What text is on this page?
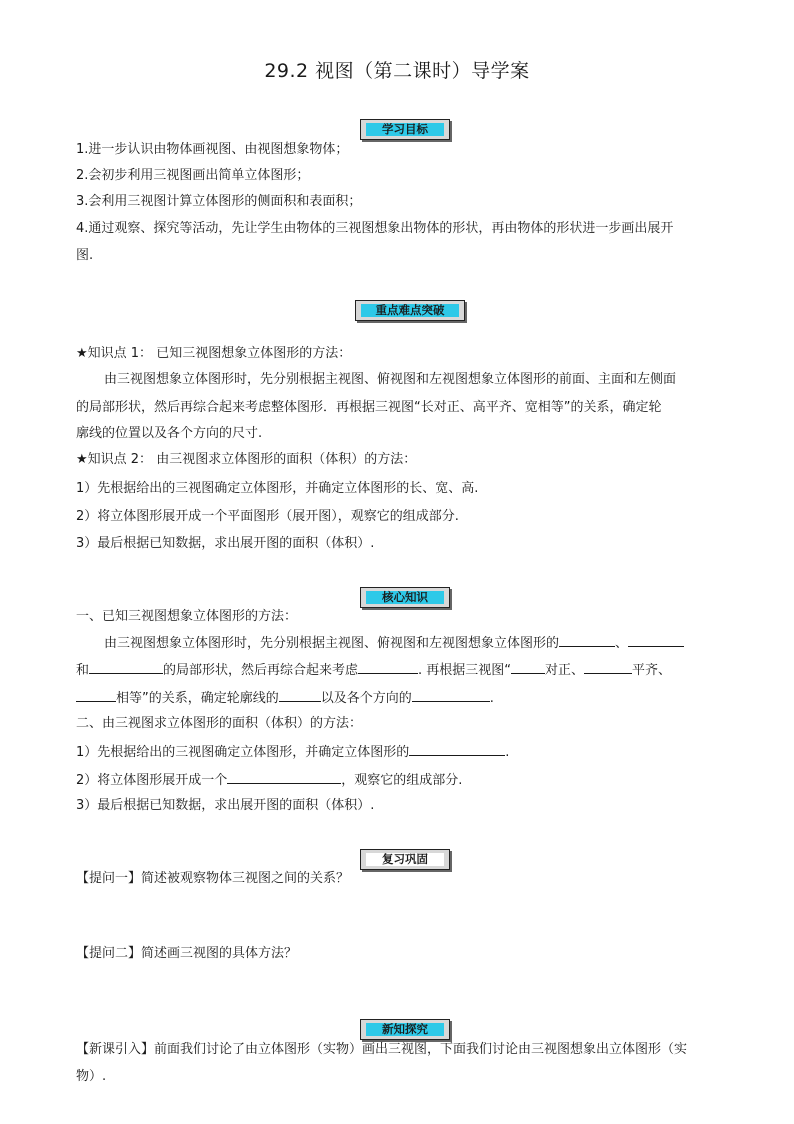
29.2 视图（第二课时）导学案
学习目标
1.进一步认识由物体画视图、由视图想象物体；
2.会初步利用三视图画出简单立体图形；
3.会利用三视图计算立体图形的侧面积和表面积；
4.通过观察、探究等活动，先让学生由物体的三视图想象出物体的形状，再由物体的形状进一步画出展开
图.
重点难点突破
★知识点 1： 已知三视图想象立体图形的方法：
由三视图想象立体图形时，先分别根据主视图、俯视图和左视图想象立体图形的前面、主面和左侧面
的局部形状，然后再综合起来考虑整体图形．再根据三视图“长对正、高平齐、宽相等”的关系，确定轮
廓线的位置以及各个方向的尺寸.
★知识点 2： 由三视图求立体图形的面积（体积）的方法：
1）先根据给出的三视图确定立体图形，并确定立体图形的长、宽、高.
2）将立体图形展开成一个平面图形（展开图），观察它的组成部分.
3）最后根据已知数据，求出展开图的面积（体积）.
核心知识
一、已知三视图想象立体图形的方法：
由三视图想象立体图形时，先分别根据主视图、俯视图和左视图想象立体图形的	、
和	的局部形状，然后再综合起来考虑	. 再根据三视图“	对正、	平齐、
相等”的关系，确定轮廓线的	以及各个方向的	.
二、由三视图求立体图形的面积（体积）的方法：
1）先根据给出的三视图确定立体图形，并确定立体图形的	.
2）将立体图形展开成一个	，观察它的组成部分.
3）最后根据已知数据，求出展开图的面积（体积）.
复习巩固
【提问一】简述被观察物体三视图之间的关系？
【提问二】简述画三视图的具体方法？
新知探究
【新课引入】前面我们讨论了由立体图形（实物）画出三视图，下面我们讨论由三视图想象出立体图形（实
物）.
